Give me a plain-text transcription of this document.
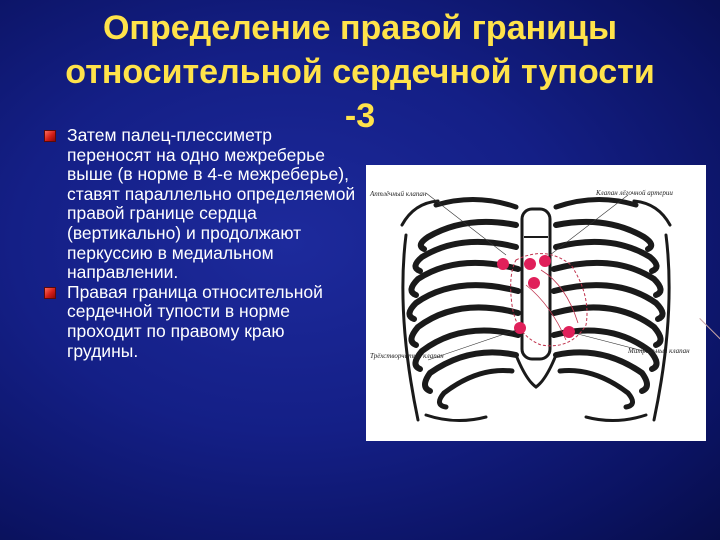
Определение правой границы
относительной сердечной тупости
-3
Затем палец-плессиметр переносят на одно межреберье выше (в норме в 4-е межреберье), ставят параллельно определяемой правой границе сердца (вертикально) и продолжают перкуссию в медиальном направлении.
Правая граница относительной сердечной тупости в норме проходит по правому краю грудины.
Аптлёчный клапан	Клапан лёгочной артерии
Трёхстворчатый клапан
Митральный клапан
